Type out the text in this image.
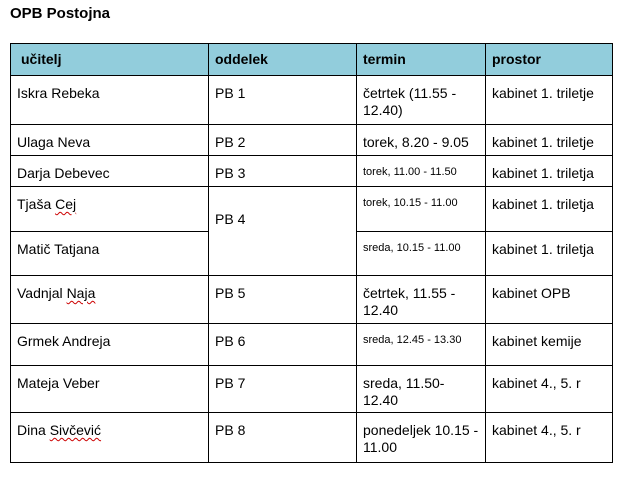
OPB Postojna
učitelj	oddelek	termin	prostor

Iskra Rebeka	PB 1	četrtek (11.55 - 12.40)	kabinet 1. triletje

Ulaga Neva	PB 2	torek, 8.20 - 9.05	kabinet 1. triletje

Darja Debevec	PB 3	torek, 11.00 - 11.50	kabinet 1. triletja

Tjaša Cej	PB 4	torek, 10.15 - 11.00	kabinet 1. triletja

Matič Tatjana		sreda, 10.15 - 11.00	kabinet 1. triletja

Vadnjal Naja	PB 5	četrtek, 11.55 - 12.40	kabinet OPB

Grmek Andreja	PB 6	sreda, 12.45 - 13.30	kabinet kemije

Mateja Veber	PB 7	sreda, 11.50-12.40	kabinet 4., 5. r

Dina Sivčević	PB 8	ponedeljek 10.15 - 11.00	kabinet 4., 5. r
